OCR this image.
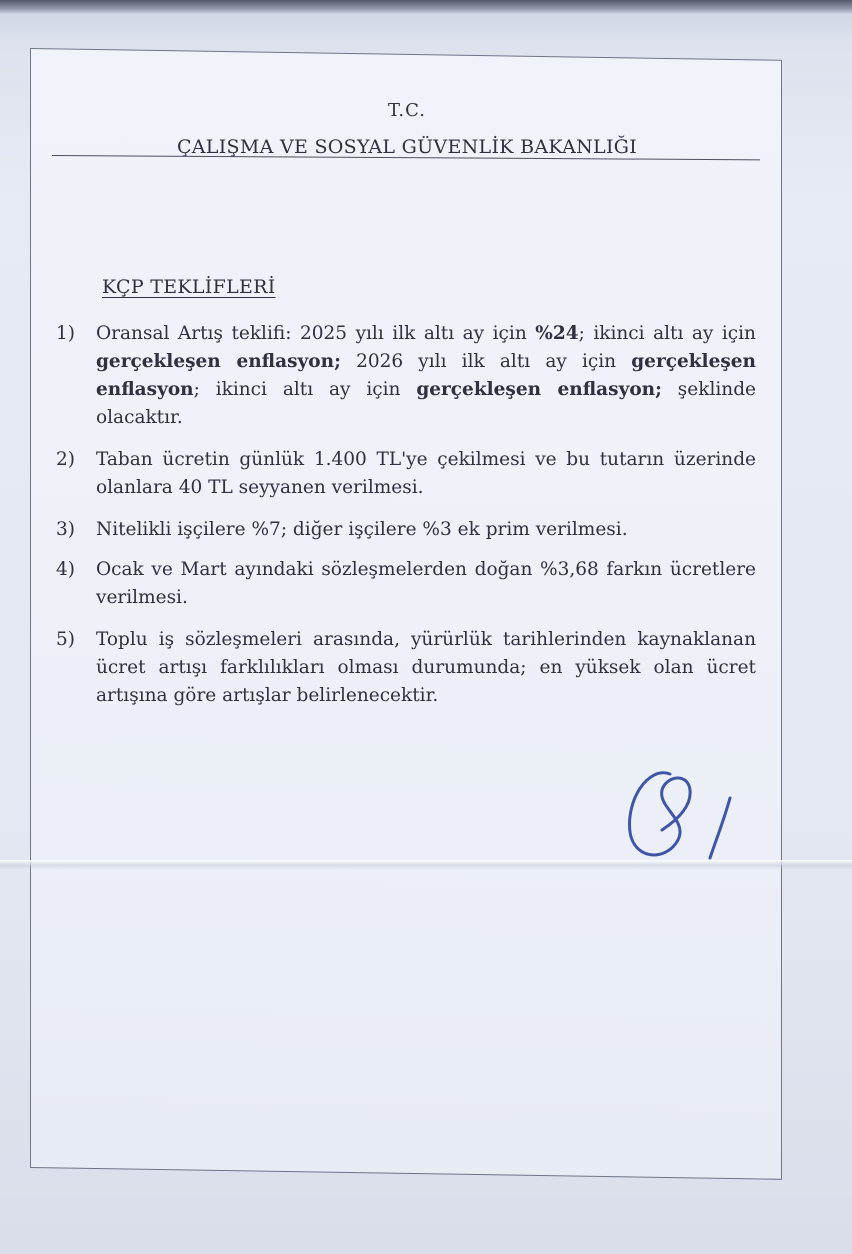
T.C.
ÇALIŞMA VE SOSYAL GÜVENLİK BAKANLIĞI
KÇP TEKLİFLERİ
1) Oransal Artış teklifi: 2025 yılı ilk altı ay için %24; ikinci altı ay için gerçekleşen enflasyon; 2026 yılı ilk altı ay için gerçekleşen enflasyon; ikinci altı ay için gerçekleşen enflasyon; şeklinde olacaktır.
2) Taban ücretin günlük 1.400 TL'ye çekilmesi ve bu tutarın üzerinde olanlara 40 TL seyyanen verilmesi.
3) Nitelikli işçilere %7; diğer işçilere %3 ek prim verilmesi.
4) Ocak ve Mart ayındaki sözleşmelerden doğan %3,68 farkın ücretlere verilmesi.
5) Toplu iş sözleşmeleri arasında, yürürlük tarihlerinden kaynaklanan ücret artışı farklılıkları olması durumunda; en yüksek olan ücret artışına göre artışlar belirlenecektir.
